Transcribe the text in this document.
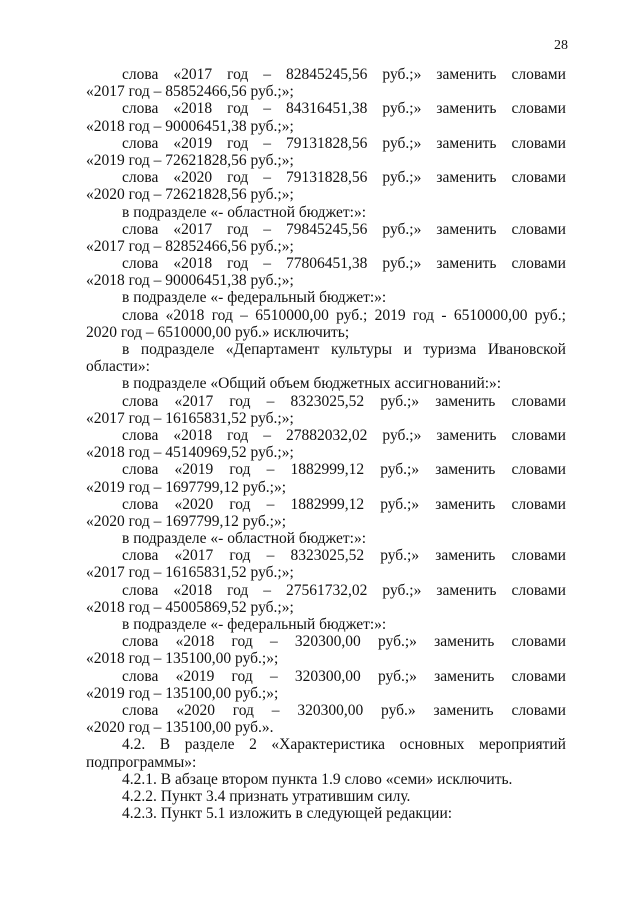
28
слова «2017 год – 82845245,56 руб.;» заменить словами
«2017 год – 85852466,56 руб.;»;
слова «2018 год – 84316451,38 руб.;» заменить словами
«2018 год – 90006451,38 руб.;»;
слова «2019 год – 79131828,56 руб.;» заменить словами
«2019 год – 72621828,56 руб.;»;
слова «2020 год – 79131828,56 руб.;» заменить словами
«2020 год – 72621828,56 руб.;»;
в подразделе «- областной бюджет:»:
слова «2017 год – 79845245,56 руб.;» заменить словами
«2017 год – 82852466,56 руб.;»;
слова «2018 год – 77806451,38 руб.;» заменить словами
«2018 год – 90006451,38 руб.;»;
в подразделе «- федеральный бюджет:»:
слова «2018 год – 6510000,00 руб.; 2019 год - 6510000,00 руб.;
2020 год – 6510000,00 руб.» исключить;
в подразделе «Департамент культуры и туризма Ивановской
области»:
в подразделе «Общий объем бюджетных ассигнований:»:
слова «2017 год – 8323025,52 руб.;» заменить словами
«2017 год – 16165831,52 руб.;»;
слова «2018 год – 27882032,02 руб.;» заменить словами
«2018 год – 45140969,52 руб.;»;
слова «2019 год – 1882999,12 руб.;» заменить словами
«2019 год – 1697799,12 руб.;»;
слова «2020 год – 1882999,12 руб.;» заменить словами
«2020 год – 1697799,12 руб.;»;
в подразделе «- областной бюджет:»:
слова «2017 год – 8323025,52 руб.;» заменить словами
«2017 год – 16165831,52 руб.;»;
слова «2018 год – 27561732,02 руб.;» заменить словами
«2018 год – 45005869,52 руб.;»;
в подразделе «- федеральный бюджет:»:
слова «2018 год – 320300,00 руб.;» заменить словами
«2018 год – 135100,00 руб.;»;
слова «2019 год – 320300,00 руб.;» заменить словами
«2019 год – 135100,00 руб.;»;
слова «2020 год – 320300,00 руб.» заменить словами
«2020 год – 135100,00 руб.».
4.2. В разделе 2 «Характеристика основных мероприятий
подпрограммы»:
4.2.1. В абзаце втором пункта 1.9 слово «семи» исключить.
4.2.2. Пункт 3.4 признать утратившим силу.
4.2.3. Пункт 5.1 изложить в следующей редакции:
